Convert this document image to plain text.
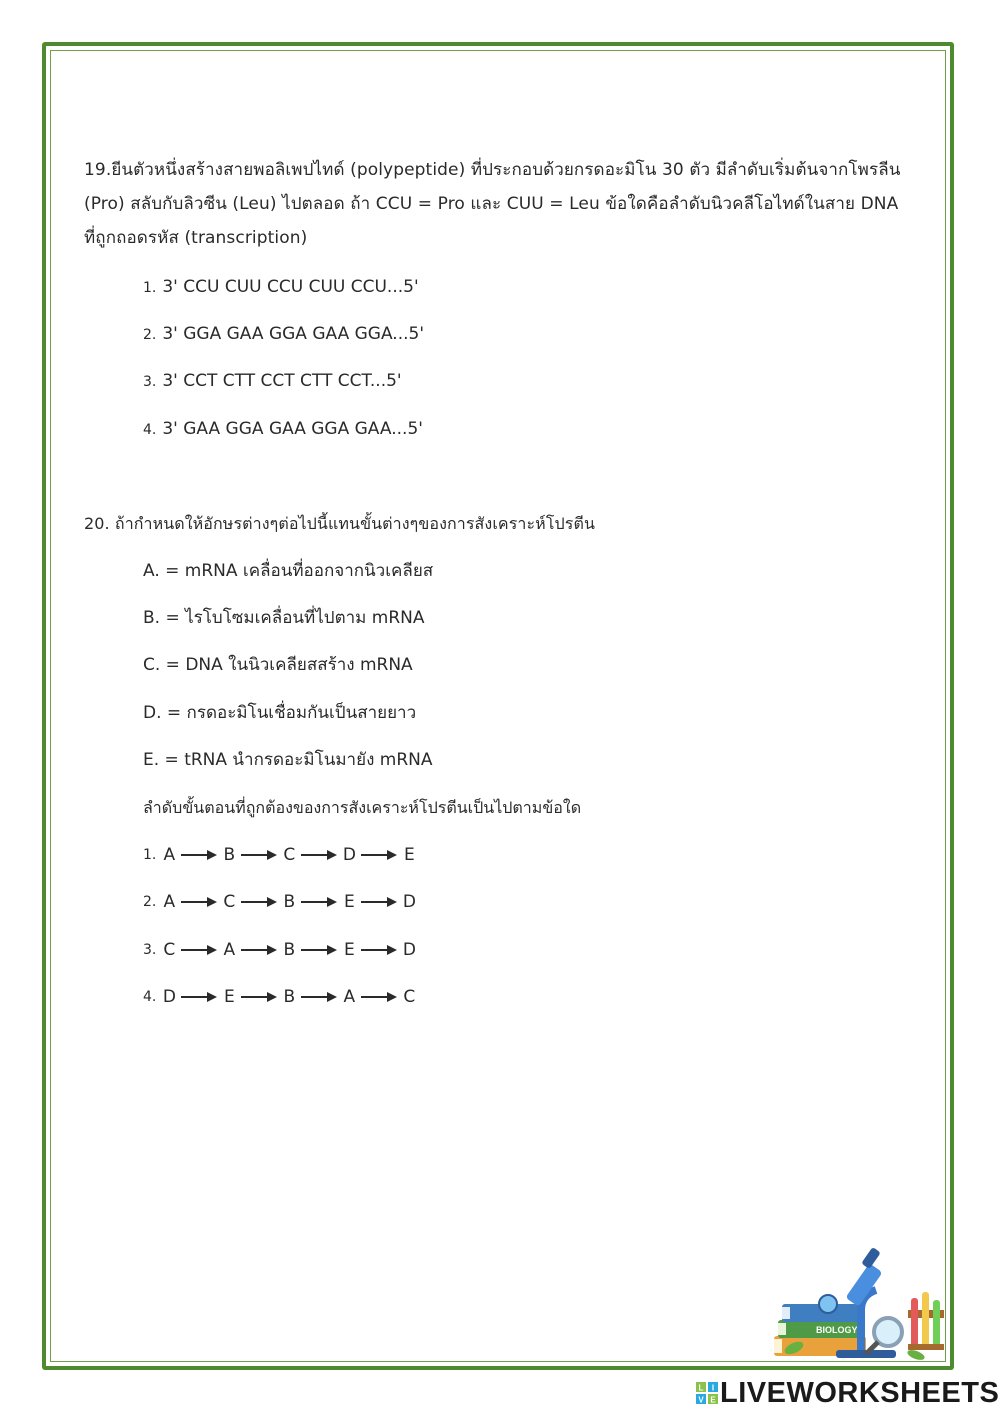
19.ยีนตัวหนึ่งสร้างสายพอลิเพปไทด์ (polypeptide) ที่ประกอบด้วยกรดอะมิโน 30 ตัว มีลำดับเริ่มต้นจากโพรลีน (Pro) สลับกับลิวซีน (Leu) ไปตลอด ถ้า CCU = Pro และ CUU = Leu ข้อใดคือลำดับนิวคลีโอไทด์ในสาย DNA ที่ถูกถอดรหัส (transcription)
1. 3' CCU CUU CCU CUU CCU...5'
2. 3' GGA GAA GGA GAA GGA...5'
3. 3' CCT CTT CCT CTT CCT...5'
4. 3' GAA GGA GAA GGA GAA...5'
20. ถ้ากำหนดให้อักษรต่างๆต่อไปนี้แทนขั้นต่างๆของการสังเคราะห์โปรตีน
A. = mRNA เคลื่อนที่ออกจากนิวเคลียส
B. = ไรโบโซมเคลื่อนที่ไปตาม mRNA
C. = DNA ในนิวเคลียสสร้าง mRNA
D. = กรดอะมิโนเชื่อมกันเป็นสายยาว
E. = tRNA นำกรดอะมิโนมายัง mRNA
ลำดับขั้นตอนที่ถูกต้องของการสังเคราะห์โปรตีนเป็นไปตามข้อใด
1. A	B	C	D	E
2. A	C	B	E	D
3. C	A	B	E	D
4. D	E	B	A	C
BIOLOGY
L I
V E LIVEWORKSHEETS
